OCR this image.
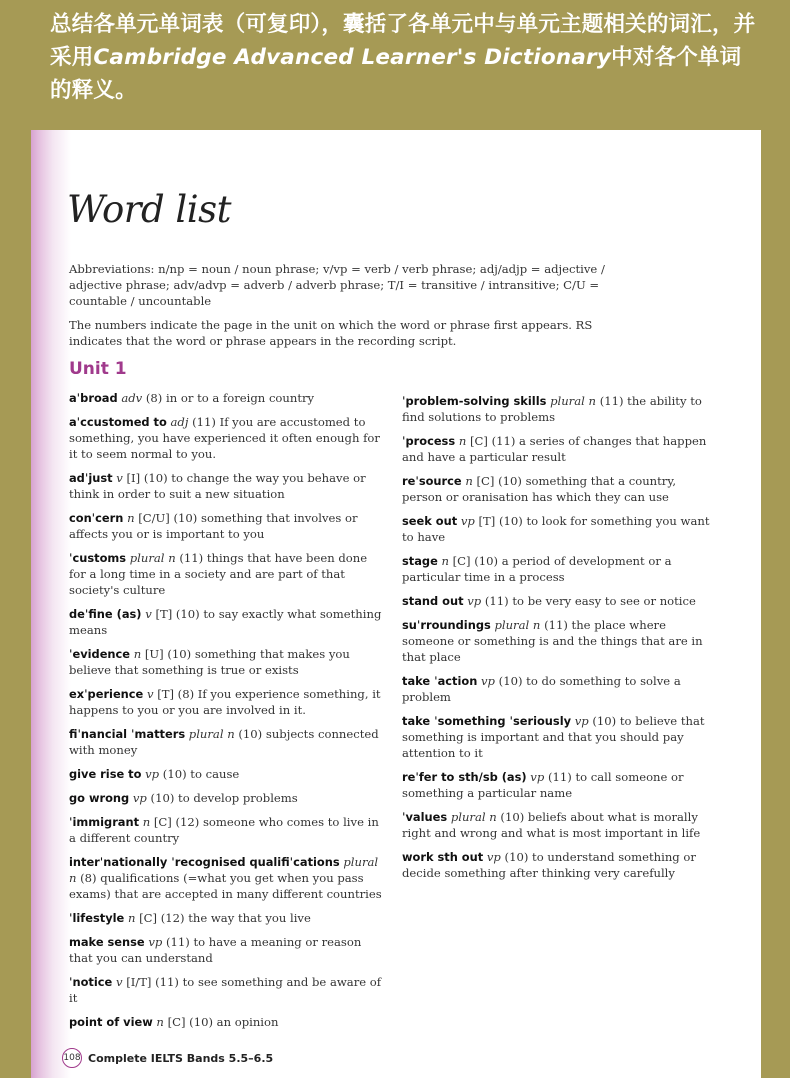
总结各单元单词表（可复印），囊括了各单元中与单元主题相关的词汇，并采用Cambridge Advanced Learner's Dictionary中对各个单词的释义。
Word list
Abbreviations: n/np = noun / noun phrase; v/vp = verb / verb phrase; adj/adjp = adjective / adjective phrase; adv/advp = adverb / adverb phrase; T/I = transitive / intransitive; C/U = countable / uncountable
The numbers indicate the page in the unit on which the word or phrase first appears. RS indicates that the word or phrase appears in the recording script.
Unit 1
aˈbroad adv (8) in or to a foreign country
aˈccustomed to adj (11) If you are accustomed to something, you have experienced it often enough for it to seem normal to you.
adˈjust v [I] (10) to change the way you behave or think in order to suit a new situation
conˈcern n [C/U] (10) something that involves or affects you or is important to you
ˈcustoms plural n (11) things that have been done for a long time in a society and are part of that society's culture
deˈfine (as) v [T] (10) to say exactly what something means
ˈevidence n [U] (10) something that makes you believe that something is true or exists
exˈperience v [T] (8) If you experience something, it happens to you or you are involved in it.
fiˈnancial ˈmatters plural n (10) subjects connected with money
give rise to vp (10) to cause
go wrong vp (10) to develop problems
ˈimmigrant n [C] (12) someone who comes to live in a different country
interˈnationally ˈrecognised qualifiˈcations plural n (8) qualifications (=what you get when you pass exams) that are accepted in many different countries
ˈlifestyle n [C] (12) the way that you live
make sense vp (11) to have a meaning or reason that you can understand
ˈnotice v [I/T] (11) to see something and be aware of it
point of view n [C] (10) an opinion
ˈproblem-solving skills plural n (11) the ability to find solutions to problems
ˈprocess n [C] (11) a series of changes that happen and have a particular result
reˈsource n [C] (10) something that a country, person or oranisation has which they can use
seek out vp [T] (10) to look for something you want to have
stage n [C] (10) a period of development or a particular time in a process
stand out vp (11) to be very easy to see or notice
suˈrroundings plural n (11) the place where someone or something is and the things that are in that place
take ˈaction vp (10) to do something to solve a problem
take ˈsomething ˈseriously vp (10) to believe that something is important and that you should pay attention to it
reˈfer to sth/sb (as) vp (11) to call someone or something a particular name
ˈvalues plural n (10) beliefs about what is morally right and wrong and what is most important in life
work sth out vp (10) to understand something or decide something after thinking very carefully
108 Complete IELTS Bands 5.5–6.5
